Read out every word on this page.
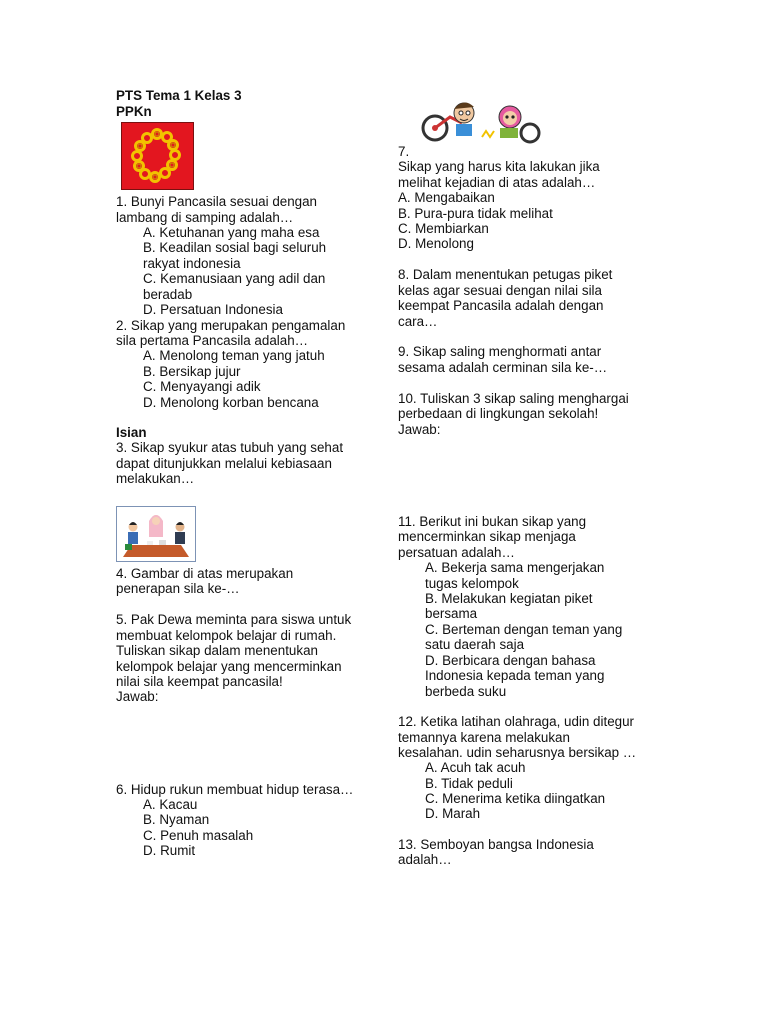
PTS Tema 1 Kelas 3

PPKn

1. Bunyi Pancasila sesuai dengan

lambang di samping adalah…

A. Ketuhanan yang maha esa

B. Keadilan sosial bagi seluruh

rakyat indonesia

C. Kemanusiaan yang adil dan

beradab

D. Persatuan Indonesia

2. Sikap yang merupakan pengamalan

sila pertama Pancasila adalah…

A. Menolong teman yang jatuh

B. Bersikap jujur

C. Menyayangi adik

D. Menolong korban bencana

Isian

3. Sikap syukur atas tubuh yang sehat

dapat ditunjukkan melalui kebiasaan

melakukan…

4. Gambar di atas merupakan

penerapan sila ke-…

5. Pak Dewa meminta para siswa untuk

membuat kelompok belajar di rumah.

Tuliskan sikap dalam menentukan

kelompok belajar yang mencerminkan

nilai sila keempat pancasila!

Jawab:

6. Hidup rukun membuat hidup terasa…

A. Kacau

B. Nyaman

C. Penuh masalah

D. Rumit

7.

Sikap yang harus kita lakukan jika

melihat kejadian di atas adalah…

A. Mengabaikan

B. Pura-pura tidak melihat

C. Membiarkan

D. Menolong

8. Dalam menentukan petugas piket

kelas agar sesuai dengan nilai sila

keempat Pancasila adalah dengan

cara…

9. Sikap saling menghormati antar

sesama adalah cerminan sila ke-…

10. Tuliskan 3 sikap saling menghargai

perbedaan di lingkungan sekolah!

Jawab:

11. Berikut ini bukan sikap yang

mencerminkan sikap menjaga

persatuan adalah…

A. Bekerja sama mengerjakan

tugas kelompok

B. Melakukan kegiatan piket

bersama

C. Berteman dengan teman yang

satu daerah saja

D. Berbicara dengan bahasa

Indonesia kepada teman yang

berbeda suku

12. Ketika latihan olahraga, udin ditegur

temannya karena melakukan

kesalahan. udin seharusnya bersikap …

A. Acuh tak acuh

B. Tidak peduli

C. Menerima ketika diingatkan

D. Marah

13. Semboyan bangsa Indonesia

adalah…
